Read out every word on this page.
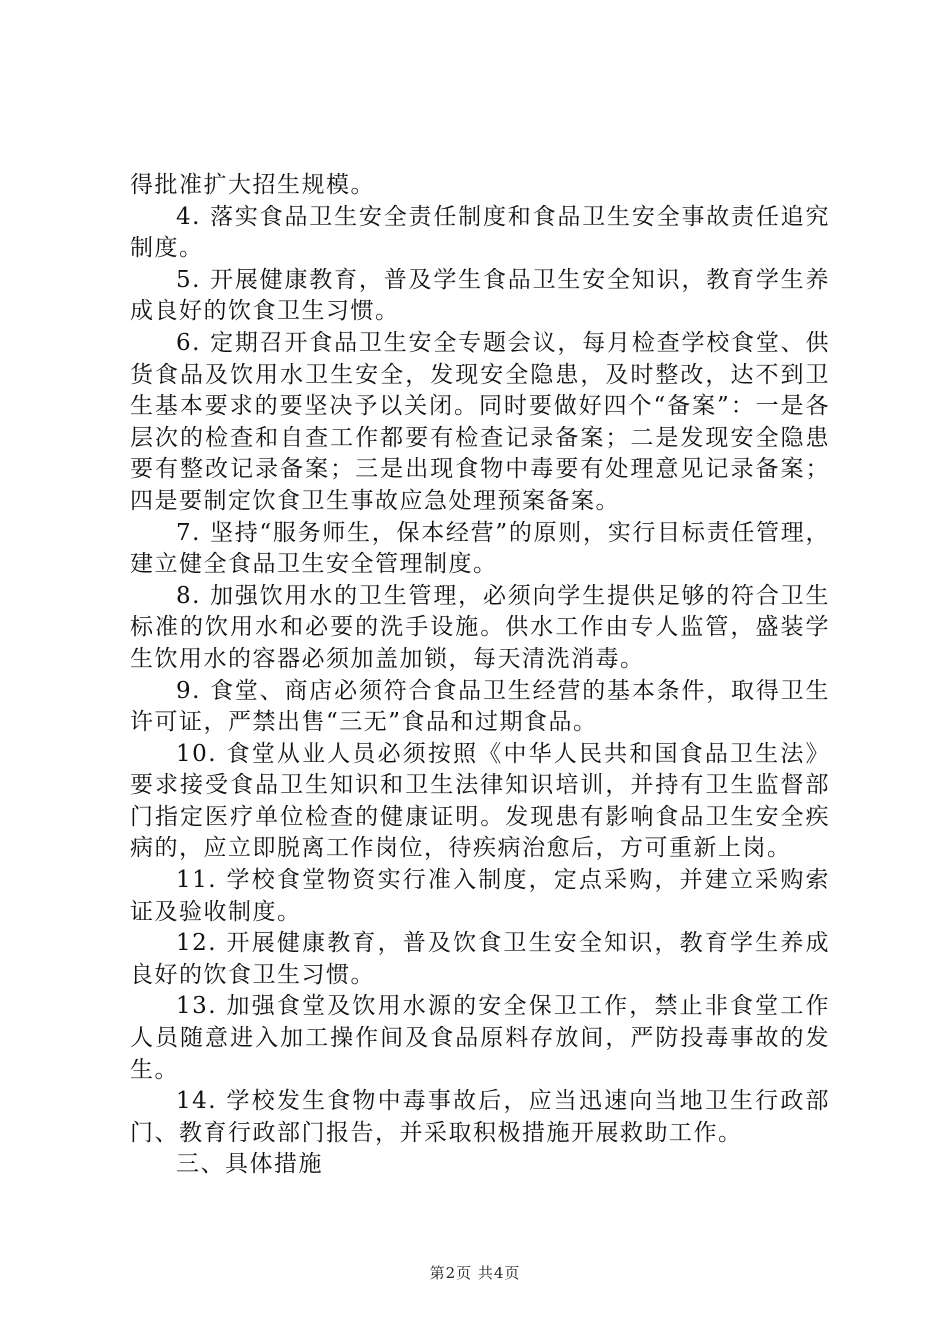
得批准扩大招生规模。

4. 落实食品卫生安全责任制度和食品卫生安全事故责任追究制度。

5. 开展健康教育，普及学生食品卫生安全知识，教育学生养成良好的饮食卫生习惯。

6. 定期召开食品卫生安全专题会议，每月检查学校食堂、供货食品及饮用水卫生安全，发现安全隐患，及时整改，达不到卫生基本要求的要坚决予以关闭。同时要做好四个“备案”：一是各层次的检查和自查工作都要有检查记录备案；二是发现安全隐患要有整改记录备案；三是出现食物中毒要有处理意见记录备案；四是要制定饮食卫生事故应急处理预案备案。

7. 坚持“服务师生，保本经营”的原则，实行目标责任管理，建立健全食品卫生安全管理制度。

8. 加强饮用水的卫生管理，必须向学生提供足够的符合卫生标准的饮用水和必要的洗手设施。供水工作由专人监管，盛装学生饮用水的容器必须加盖加锁，每天清洗消毒。

9. 食堂、商店必须符合食品卫生经营的基本条件，取得卫生许可证，严禁出售“三无”食品和过期食品。

10. 食堂从业人员必须按照《中华人民共和国食品卫生法》要求接受食品卫生知识和卫生法律知识培训，并持有卫生监督部门指定医疗单位检查的健康证明。发现患有影响食品卫生安全疾病的，应立即脱离工作岗位，待疾病治愈后，方可重新上岗。

11. 学校食堂物资实行准入制度，定点采购，并建立采购索证及验收制度。

12. 开展健康教育，普及饮食卫生安全知识，教育学生养成良好的饮食卫生习惯。

13. 加强食堂及饮用水源的安全保卫工作，禁止非食堂工作人员随意进入加工操作间及食品原料存放间，严防投毒事故的发生。

14. 学校发生食物中毒事故后，应当迅速向当地卫生行政部门、教育行政部门报告，并采取积极措施开展救助工作。

三、具体措施

第2页 共4页
